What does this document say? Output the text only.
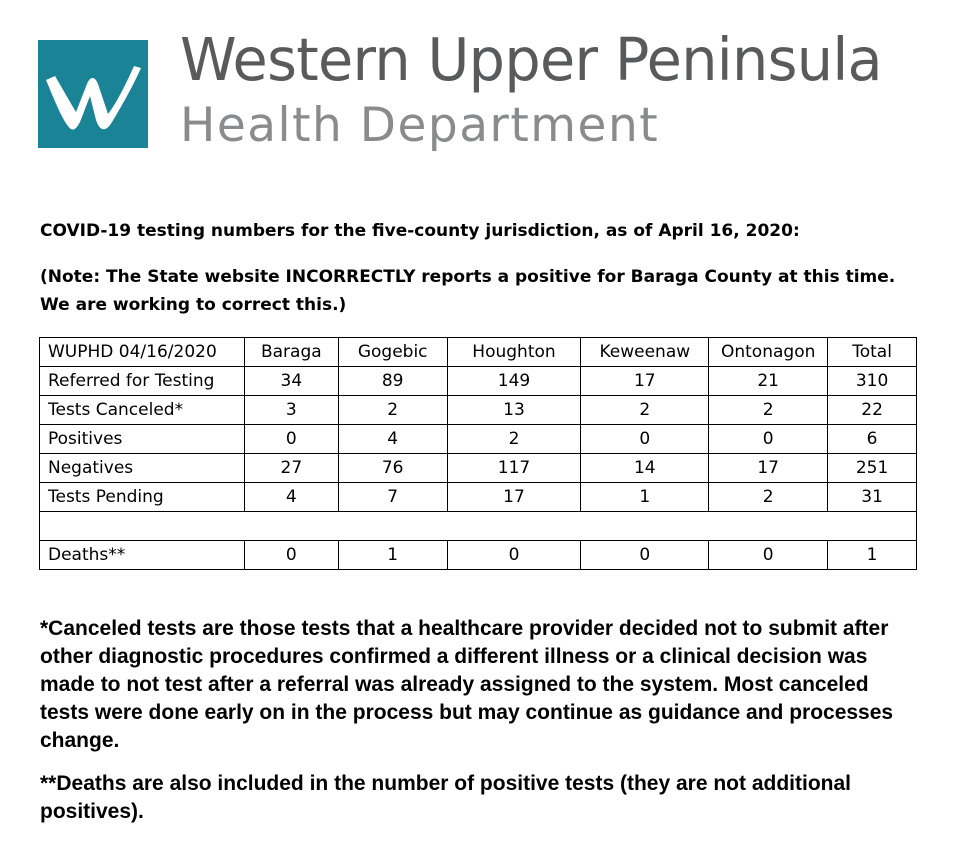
Western Upper Peninsula
Health Department
COVID-19 testing numbers for the five-county jurisdiction, as of April 16, 2020:
(Note: The State website INCORRECTLY reports a positive for Baraga County at this time. We are working to correct this.)
WUPHD 04/16/2020	Baraga	Gogebic	Houghton	Keweenaw	Ontonagon	Total
Referred for Testing	34	89	149	17	21	310
Tests Canceled*	3	2	13	2	2	22
Positives	0	4	2	0	0	6
Negatives	27	76	117	14	17	251
Tests Pending	4	7	17	1	2	31

Deaths**	0	1	0	0	0	1
*Canceled tests are those tests that a healthcare provider decided not to submit after other diagnostic procedures confirmed a different illness or a clinical decision was made to not test after a referral was already assigned to the system. Most canceled tests were done early on in the process but may continue as guidance and processes change.
**Deaths are also included in the number of positive tests (they are not additional positives).
